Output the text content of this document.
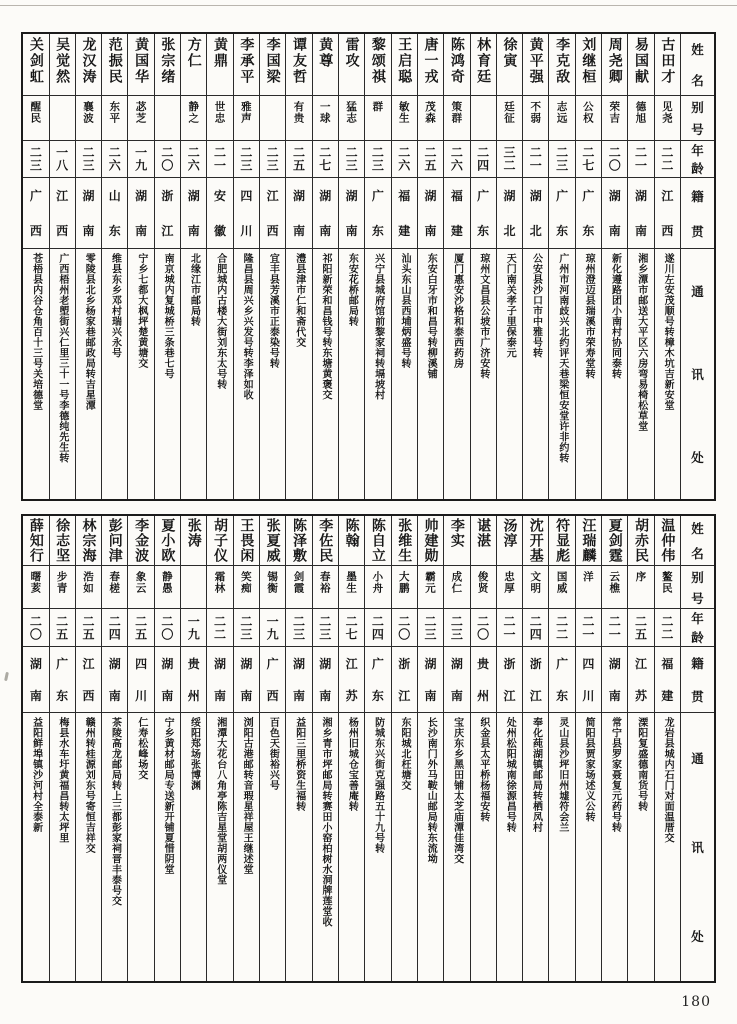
姓
名
别
号
年
龄
籍
贯
通
讯
处
古田才
见尧
二二
江
西
遂川左安茂顺号转樟木坑吉新安堂
易国献
德旭
二一
湖
南
湘乡潭市邮送大平区六房弯易椅松草堂
周尧卿
荣吉
二〇
湖
南
新化遵路团小南村协同泰转
刘继桓
公权
二七
广
东
琼州澄迈县瑞溪市荣寿堂转
李克敌
志远
二三
广
东
广州市河南歧兴北约评天巷梁恒安堂许非约转
黄平强
不弱
二一
湖
北
公安县沙口市中雅号转
徐寅
廷征
三二
湖
北
天门南关孝子里保泰元
林育廷
二四
广
东
琼州文昌县公坡市广济安转
陈鸿奇
策群
二六
福
建
厦门惠安沙格和泰西药房
唐一戎
茂森
二五
湖
南
东安白牙市和昌号转柳溪铺
王启聪
敏生
二六
福
建
汕头东山县西埔炳盛号转
黎颂祺
群
二三
广
东
兴宁县城府馆前黎家祠转塥坡村
雷攻
猛志
二三
湖
南
东安花桥邮局转
黄尊
一球
二七
湖
南
祁阳新荣和昌钱号转东塘黄褒交
谭友哲
有贵
二五
湖
南
澧县津市仁和斋代交
李国梁
二三
江
西
宜丰县芳溪市正泰染号转
李承平
雅声
二三
四
川
隆昌县周兴乡兴发号转李泽如收
黄鼎
世忠
二一
安
徽
合肥城内古楼大街刘东太号转
方仁
静之
二六
湖
南
北缘江市邮局转
张宗绪
二〇
浙
江
南京城内复城桥三条巷七号
黄国华
苾芝
一九
湖
南
宁乡七都大枫坪楚黄塘交
范振民
东平
二六
山
东
维县东乡邓村瑞兴永号
龙汉涛
襄波
二三
湖
南
零陵县北乡杨家巷邮政局转吉星潭
吴觉然
一八
江
西
广西梧州老塱街兴仁里三十一号李德纯先生转
关剑虹
醒民
二三
广
西
苍梧县内谷仓角百十三号关培德堂
姓
名
别
号
年
龄
籍
贯
通
讯
处
温仲伟
鳌民
二二
福
建
龙岩县城内石门对面温厝交
胡赤民
序
二五
江
苏
溧阳复盛德南货号转
夏剑霆
云樵
二一
湖
南
常宁县罗家聂复元药号转
汪瑞麟
洋
二一
四
川
简阳县贾家场述义公转
符显彪
国威
二二
广
东
灵山县沙坪旧州墟符会兰
沈开基
文明
二四
浙
江
奉化莼湖镇邮局转栖凤村
汤淳
忠厚
二一
浙
江
处州松阳城南徐源昌号转
谌湛
俊贤
二〇
贵
州
织金县太平桥杨福安转
李实
成仁
二三
湖
南
宝庆东乡黑田铺太芝庙潭佳湾交
帅建勋
霸元
二三
湖
南
长沙南门外马鞍山邮局转东流坳
张维生
大鹏
二〇
浙
江
东阳城北枉塘交
陈自立
小舟
二四
广
东
防城东兴街克强路五十九号转
陈翰
墨生
二七
江
苏
杨州旧城仓宝善庵转
李佐民
春裕
二三
湖
南
湘乡青市坪邮局转赛田小窑柏树水洞牌莲堂收
陈泽敷
剑霞
二三
湖
南
益阳三里桥资生福转
张夏威
锡衡
一九
广
西
百色天街裕兴号
王畏闲
笑痴
二三
湖
南
浏阳古港邮转音瑕星祥屋王继述堂
胡子仪
霜林
二二
湖
南
湘潭大花台八角亭陈吉星堂胡两仪堂
张涛
一九
贵
州
绥阳郑场张博渊
夏小欧
静愚
二〇
湖
南
宁乡黄材邮局专送新开铺夏惜阴堂
李金波
象云
二五
四
川
仁寿松峰场交
彭问津
春槎
二四
湖
南
茶陵高龙邮局转上三都彭家祠晋丰泰号交
林宗海
浩如
二五
江
西
赣州转桂源刘东号寄恒吉祥交
徐志坚
步青
二五
广
东
梅县水车圩黄福昌转太坪里
薛知行
曙荄
二〇
湖
南
益阳鲜埠镇沙河村全泰新
180
